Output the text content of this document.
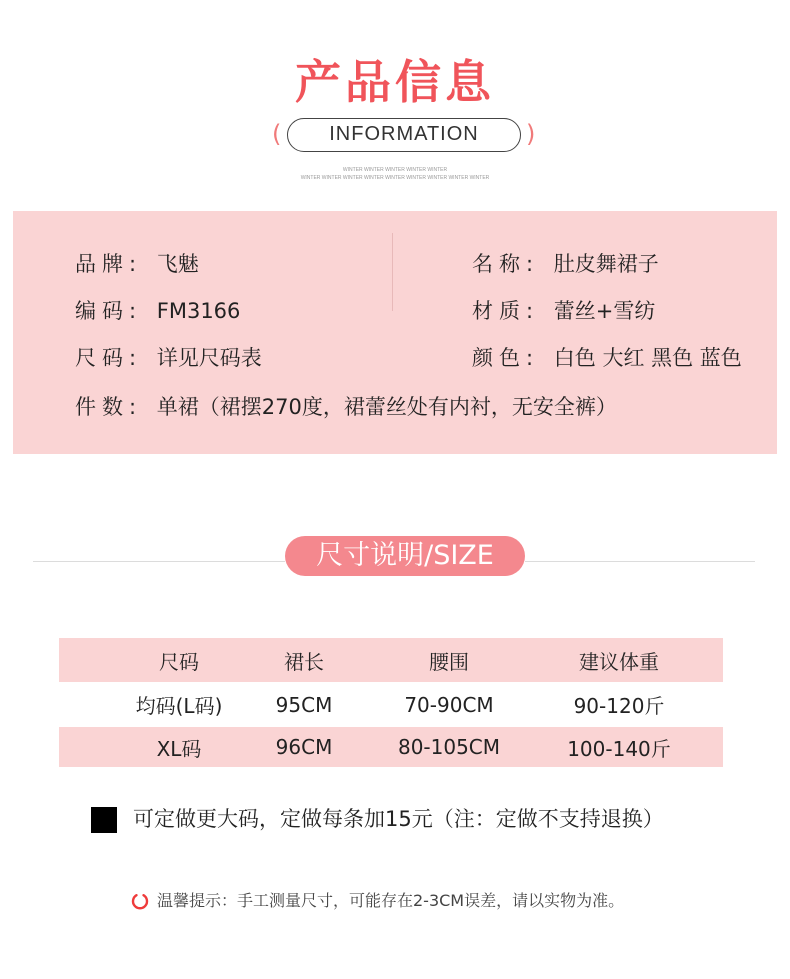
产品信息
(	INFORMATION	)
WINTER WINTER WINTER WINTER WINTER
WINTER WINTER WINTER WINTER WINTER WINTER WINTER WINTER WINTER
品牌: 飞魅
编码: FM3166
尺码: 详见尺码表
件数: 单裙（裙摆270度，裙蕾丝处有内衬，无安全裤）
名称: 肚皮舞裙子
材质: 蕾丝+雪纺
颜色: 白色 大红 黑色 蓝色
尺寸说明/SIZE
尺码	裙长	腰围	建议体重
均码(L码)	95CM	70-90CM	90-120斤
XL码	96CM	80-105CM	100-140斤
可定做更大码，定做每条加15元（注：定做不支持退换）
温馨提示：手工测量尺寸，可能存在2-3CM误差，请以实物为准。
